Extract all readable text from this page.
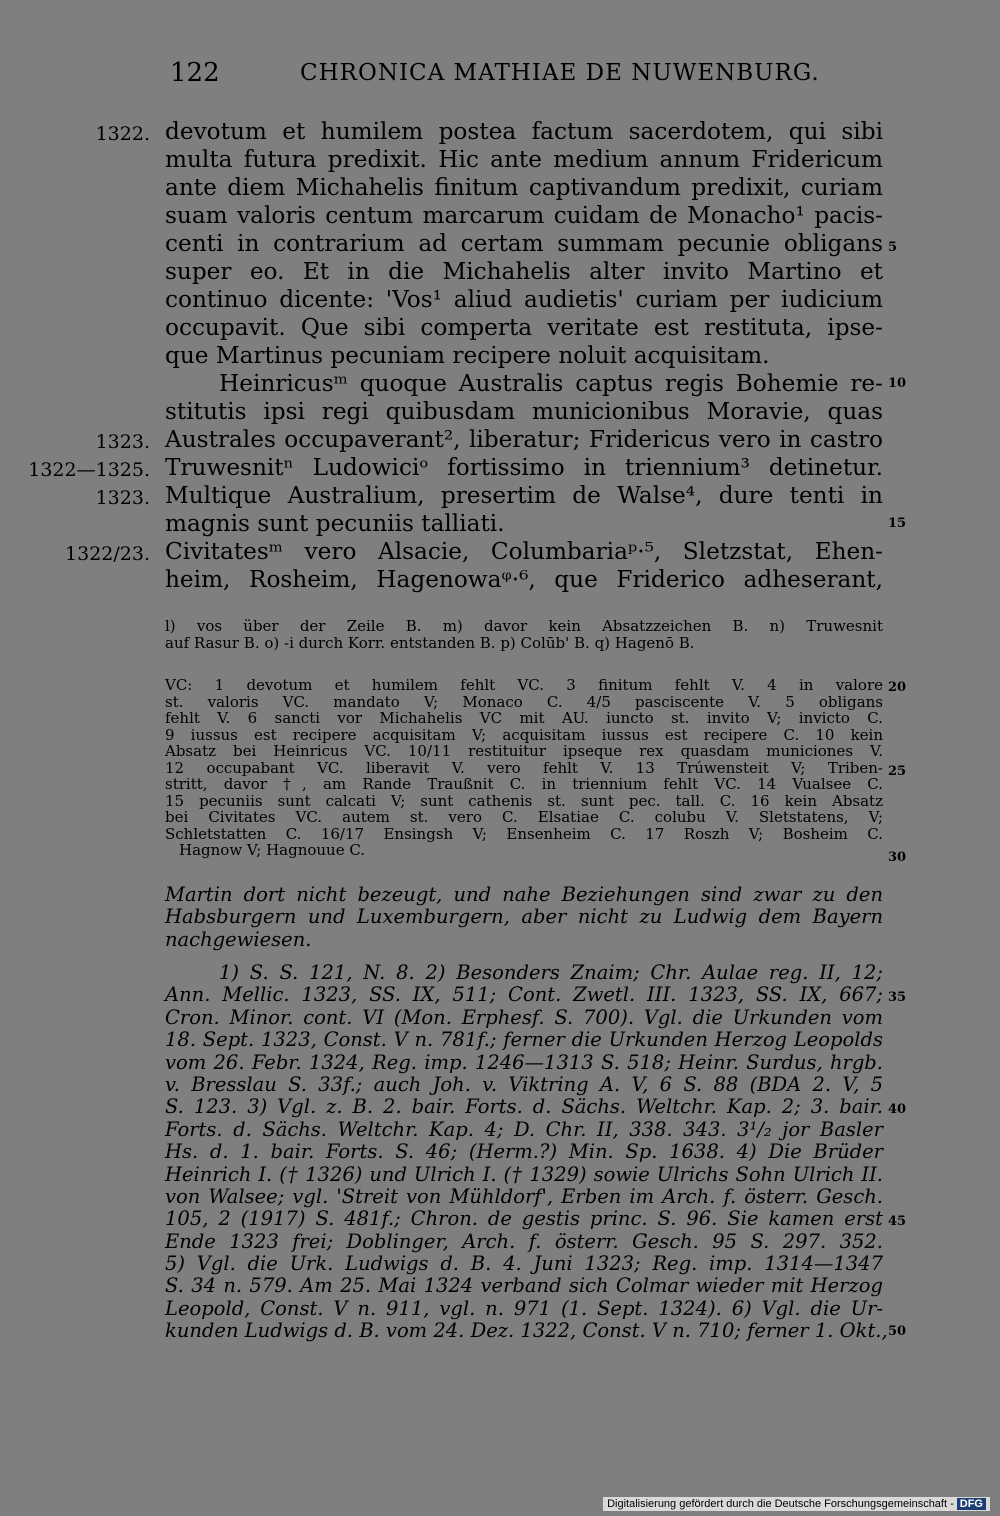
122	CHRONICA MATHIAE DE NUWENBURG.
1322.
1323.
1322—1325.
1323.
1322/23.
5
10
15
20
25
30
35
40
45
50
devotum et humilem postea factum sacerdotem, qui sibi
multa futura predixit. Hic ante medium annum Fridericum
ante diem Michahelis finitum captivandum predixit, curiam
suam valoris centum marcarum cuidam de Monacho¹ pacis-
centi in contrarium ad certam summam pecunie obligans
super eo. Et in die Michahelis alter invito Martino et
continuo dicente: 'Vos¹ aliud audietis' curiam per iudicium
occupavit. Que sibi comperta veritate est restituta, ipse-
que Martinus pecuniam recipere noluit acquisitam.
Heinricusᵐ quoque Australis captus regis Bohemie re-
stitutis ipsi regi quibusdam municionibus Moravie, quas
Australes occupaverant², liberatur; Fridericus vero in castro
Truwesnitⁿ Ludowiciᵒ fortissimo in triennium³ detinetur.
Multique Australium, presertim de Walse⁴, dure tenti in
magnis sunt pecuniis talliati.
Civitatesᵐ vero Alsacie, Columbariaᵖ·⁵, Sletzstat, Ehen-
heim, Rosheim, Hagenowaᵠ·⁶, que Friderico adheserant,
l) vos über der Zeile B. m) davor kein Absatzzeichen B. n) Truwesnit
auf Rasur B. o) -i durch Korr. entstanden B. p) Colūb' B. q) Hagenō B.
VC: 1 devotum et humilem fehlt VC. 3 finitum fehlt V. 4 in valore
st. valoris VC. mandato V; Monaco C. 4/5 pasciscente V. 5 obligans
fehlt V. 6 sancti vor Michahelis VC mit AU. iuncto st. invito V; invicto C.
9 iussus est recipere acquisitam V; acquisitam iussus est recipere C. 10 kein
Absatz bei Heinricus VC. 10/11 restituitur ipseque rex quasdam municiones V.
12 occupabant VC. liberavit V. vero fehlt V. 13 Trúwensteit V; Triben-
stritt, davor †, am Rande Traußnit C. in triennium fehlt VC. 14 Vualsee C.
15 pecuniis sunt calcati V; sunt cathenis st. sunt pec. tall. C. 16 kein Absatz
bei Civitates VC. autem st. vero C. Elsatiae C. colubu V. Sletstatens, V;
Schletstatten C. 16/17 Ensingsh V; Ensenheim C. 17 Roszh V; Bosheim C.
Hagnow V; Hagnouue C.
Martin dort nicht bezeugt, und nahe Beziehungen sind zwar zu den
Habsburgern und Luxemburgern, aber nicht zu Ludwig dem Bayern
nachgewiesen.
1) S. S. 121, N. 8. 2) Besonders Znaim; Chr. Aulae reg. II, 12;
Ann. Mellic. 1323, SS. IX, 511; Cont. Zwetl. III. 1323, SS. IX, 667;
Cron. Minor. cont. VI (Mon. Erphesf. S. 700). Vgl. die Urkunden vom
18. Sept. 1323, Const. V n. 781f.; ferner die Urkunden Herzog Leopolds
vom 26. Febr. 1324, Reg. imp. 1246—1313 S. 518; Heinr. Surdus, hrgb.
v. Bresslau S. 33f.; auch Joh. v. Viktring A. V, 6 S. 88 (BDA 2. V, 5
S. 123. 3) Vgl. z. B. 2. bair. Forts. d. Sächs. Weltchr. Kap. 2; 3. bair.
Forts. d. Sächs. Weltchr. Kap. 4; D. Chr. II, 338. 343. 3¹/₂ jor Basler
Hs. d. 1. bair. Forts. S. 46; (Herm.?) Min. Sp. 1638. 4) Die Brüder
Heinrich I. († 1326) und Ulrich I. († 1329) sowie Ulrichs Sohn Ulrich II.
von Walsee; vgl. 'Streit von Mühldorf', Erben im Arch. f. österr. Gesch.
105, 2 (1917) S. 481f.; Chron. de gestis princ. S. 96. Sie kamen erst
Ende 1323 frei; Doblinger, Arch. f. österr. Gesch. 95 S. 297. 352.
5) Vgl. die Urk. Ludwigs d. B. 4. Juni 1323; Reg. imp. 1314—1347
S. 34 n. 579. Am 25. Mai 1324 verband sich Colmar wieder mit Herzog
Leopold, Const. V n. 911, vgl. n. 971 (1. Sept. 1324). 6) Vgl. die Ur-
kunden Ludwigs d. B. vom 24. Dez. 1322, Const. V n. 710; ferner 1. Okt.,
Digitalisierung gefördert durch die Deutsche Forschungsgemeinschaft - DFG
